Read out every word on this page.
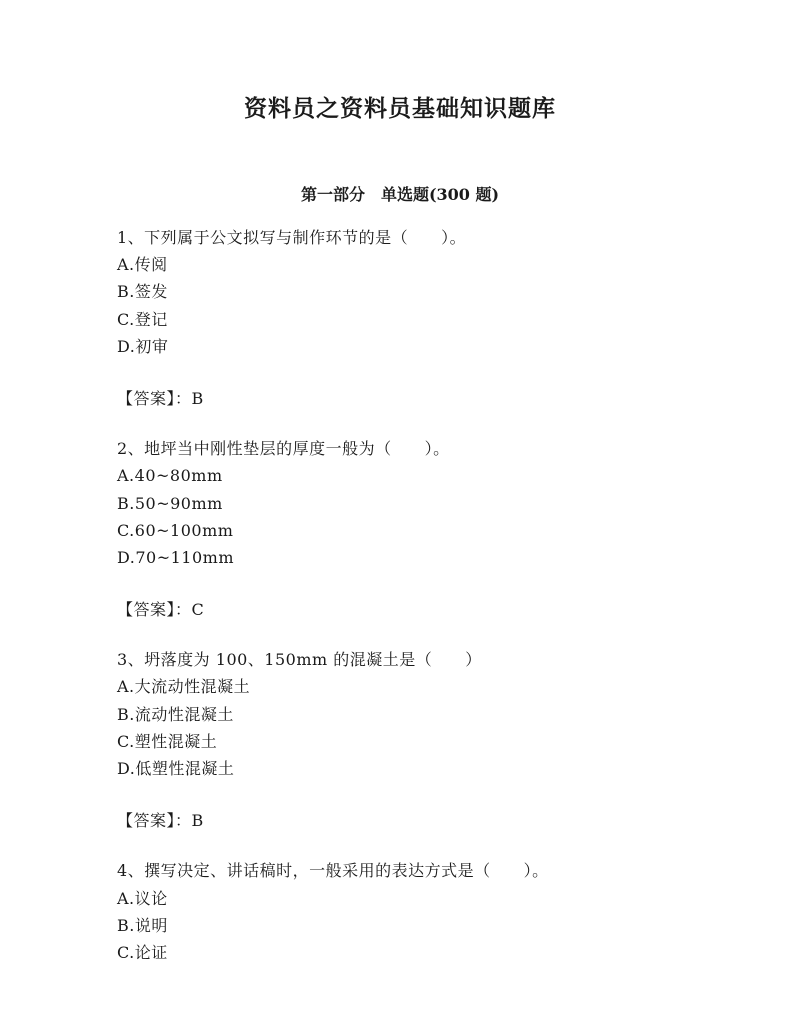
资料员之资料员基础知识题库
第一部分　单选题(300 题)
1、下列属于公文拟写与制作环节的是（　　）。
A.传阅
B.签发
C.登记
D.初审
【答案】：B
2、地坪当中刚性垫层的厚度一般为（　　）。
A.40~80mm
B.50~90mm
C.60~100mm
D.70~110mm
【答案】：C
3、坍落度为 100、150mm 的混凝土是（　　）
A.大流动性混凝土
B.流动性混凝土
C.塑性混凝土
D.低塑性混凝土
【答案】：B
4、撰写决定、讲话稿时，一般采用的表达方式是（　　）。
A.议论
B.说明
C.论证
